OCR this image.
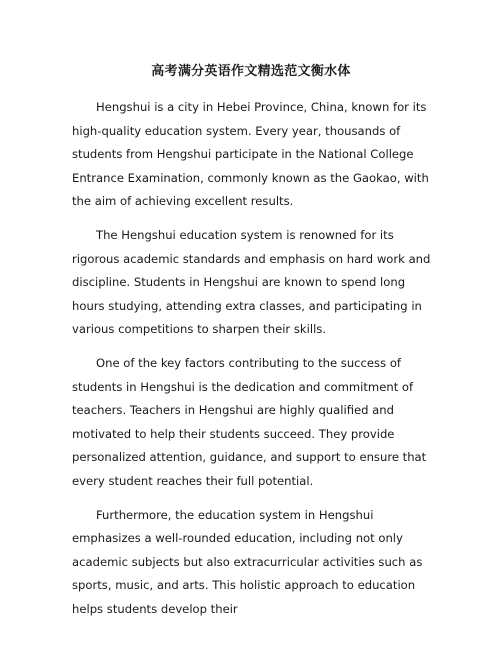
高考满分英语作文精选范文衡水体

Hengshui is a city in Hebei Province, China, known for its high-quality education system. Every year, thousands of students from Hengshui participate in the National College Entrance Examination, commonly known as the Gaokao, with the aim of achieving excellent results.

The Hengshui education system is renowned for its rigorous academic standards and emphasis on hard work and discipline. Students in Hengshui are known to spend long hours studying, attending extra classes, and participating in various competitions to sharpen their skills.

One of the key factors contributing to the success of students in Hengshui is the dedication and commitment of teachers. Teachers in Hengshui are highly qualified and motivated to help their students succeed. They provide personalized attention, guidance, and support to ensure that every student reaches their full potential.

Furthermore, the education system in Hengshui emphasizes a well-rounded education, including not only academic subjects but also extracurricular activities such as sports, music, and arts. This holistic approach to education helps students develop their
